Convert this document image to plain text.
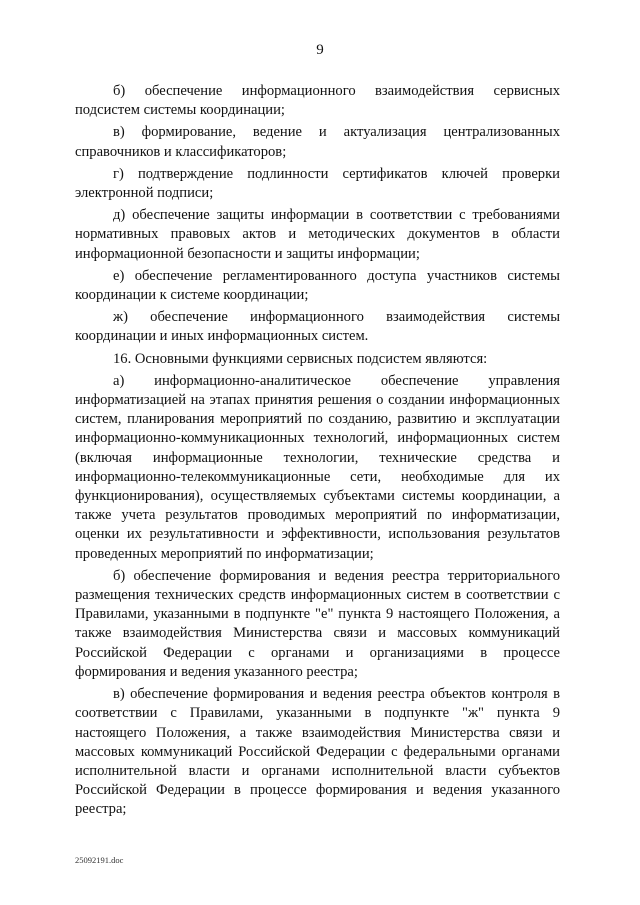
9

б) обеспечение информационного взаимодействия сервисных подсистем системы координации;

в) формирование, ведение и актуализация централизованных справочников и классификаторов;

г) подтверждение подлинности сертификатов ключей проверки электронной подписи;

д) обеспечение защиты информации в соответствии с требованиями нормативных правовых актов и методических документов в области информационной безопасности и защиты информации;

е) обеспечение регламентированного доступа участников системы координации к системе координации;

ж) обеспечение информационного взаимодействия системы координации и иных информационных систем.

16. Основными функциями сервисных подсистем являются:

а) информационно-аналитическое обеспечение управления информатизацией на этапах принятия решения о создании информационных систем, планирования мероприятий по созданию, развитию и эксплуатации информационно-коммуникационных технологий, информационных систем (включая информационные технологии, технические средства и информационно-телекоммуникационные сети, необходимые для их функционирования), осуществляемых субъектами системы координации, а также учета результатов проводимых мероприятий по информатизации, оценки их результативности и эффективности, использования результатов проведенных мероприятий по информатизации;

б) обеспечение формирования и ведения реестра территориального размещения технических средств информационных систем в соответствии с Правилами, указанными в подпункте "е" пункта 9 настоящего Положения, а также взаимодействия Министерства связи и массовых коммуникаций Российской Федерации с органами и организациями в процессе формирования и ведения указанного реестра;

в) обеспечение формирования и ведения реестра объектов контроля в соответствии с Правилами, указанными в подпункте "ж" пункта 9 настоящего Положения, а также взаимодействия Министерства связи и массовых коммуникаций Российской Федерации с федеральными органами исполнительной власти и органами исполнительной власти субъектов Российской Федерации в процессе формирования и ведения указанного реестра;

25092191.doc
